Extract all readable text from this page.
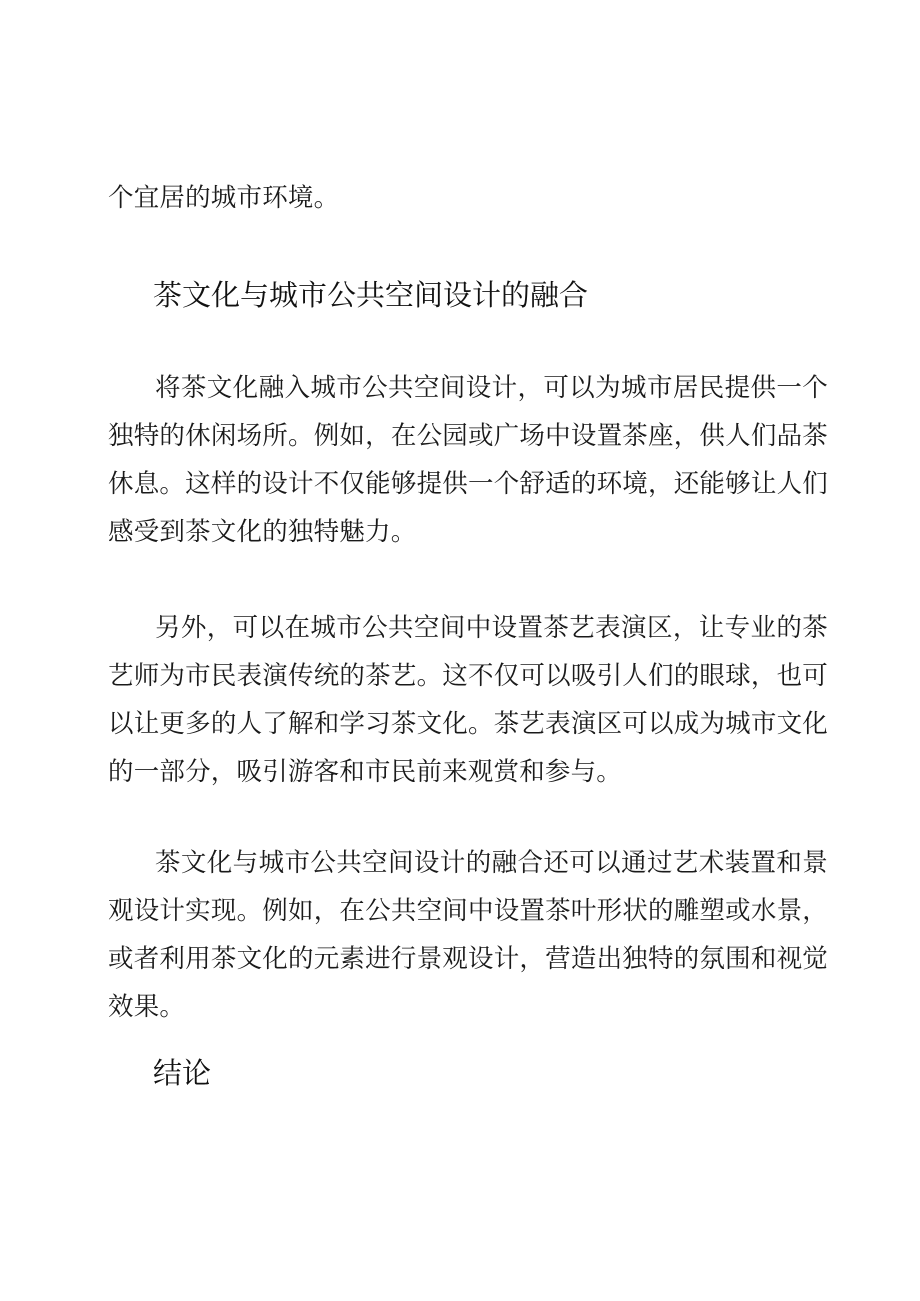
个宜居的城市环境。

茶文化与城市公共空间设计的融合

将茶文化融入城市公共空间设计，可以为城市居民提供一个独特的休闲场所。例如，在公园或广场中设置茶座，供人们品茶休息。这样的设计不仅能够提供一个舒适的环境，还能够让人们感受到茶文化的独特魅力。

另外，可以在城市公共空间中设置茶艺表演区，让专业的茶艺师为市民表演传统的茶艺。这不仅可以吸引人们的眼球，也可以让更多的人了解和学习茶文化。茶艺表演区可以成为城市文化的一部分，吸引游客和市民前来观赏和参与。

茶文化与城市公共空间设计的融合还可以通过艺术装置和景观设计实现。例如，在公共空间中设置茶叶形状的雕塑或水景，或者利用茶文化的元素进行景观设计，营造出独特的氛围和视觉效果。

结论
